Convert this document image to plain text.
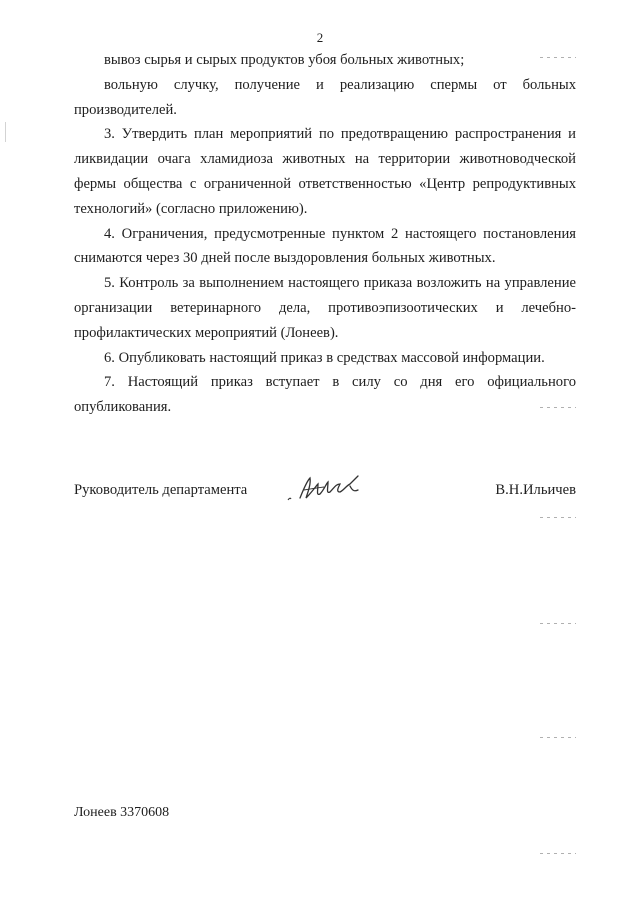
2

вывоз сырья и сырых продуктов убоя больных животных;

вольную случку, получение и реализацию спермы от больных производителей.

3. Утвердить план мероприятий по предотвращению распространения и ликвидации очага хламидиоза животных на территории животноводческой фермы общества с ограниченной ответственностью «Центр репродуктивных технологий» (согласно приложению).

4. Ограничения, предусмотренные пунктом 2 настоящего постановления снимаются через 30 дней после выздоровления больных животных.

5. Контроль за выполнением настоящего приказа возложить на управление организации ветеринарного дела, противоэпизоотических и лечебно-профилактических мероприятий (Лонеев).

6. Опубликовать настоящий приказ в средствах массовой информации.

7. Настоящий приказ вступает в силу со дня его официального опубликования.

Руководитель департамента	В.Н.Ильичев
Лонеев 3370608
